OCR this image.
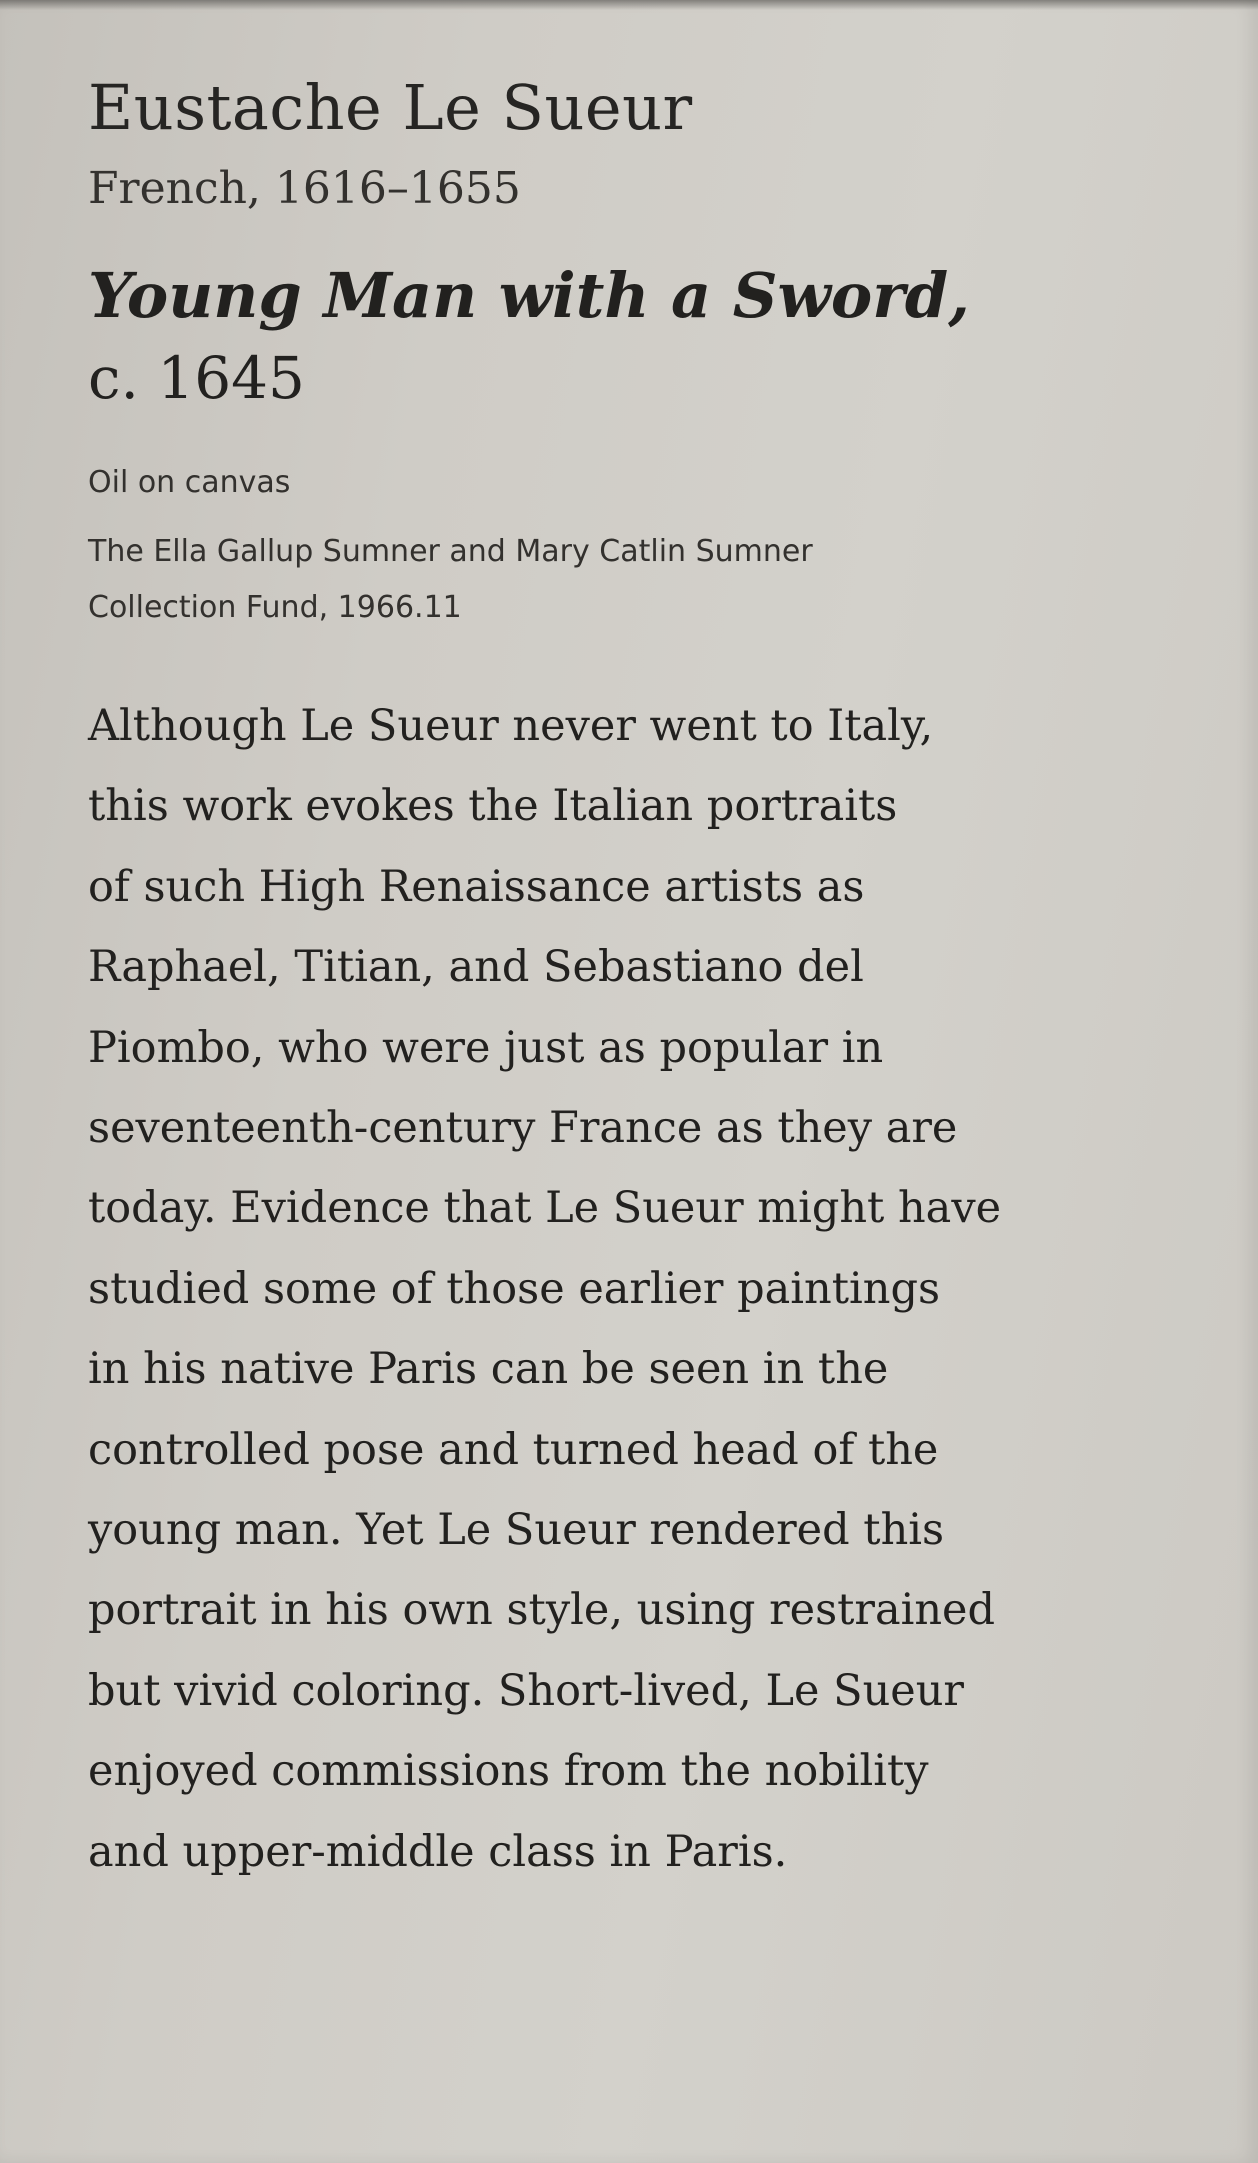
Eustache Le Sueur
French, 1616–1655
Young Man with a Sword,
c. 1645
Oil on canvas
The Ella Gallup Sumner and Mary Catlin Sumner
Collection Fund, 1966.11
Although Le Sueur never went to Italy,
this work evokes the Italian portraits
of such High Renaissance artists as
Raphael, Titian, and Sebastiano del
Piombo, who were just as popular in
seventeenth-century France as they are
today. Evidence that Le Sueur might have
studied some of those earlier paintings
in his native Paris can be seen in the
controlled pose and turned head of the
young man. Yet Le Sueur rendered this
portrait in his own style, using restrained
but vivid coloring. Short-lived, Le Sueur
enjoyed commissions from the nobility
and upper-middle class in Paris.
